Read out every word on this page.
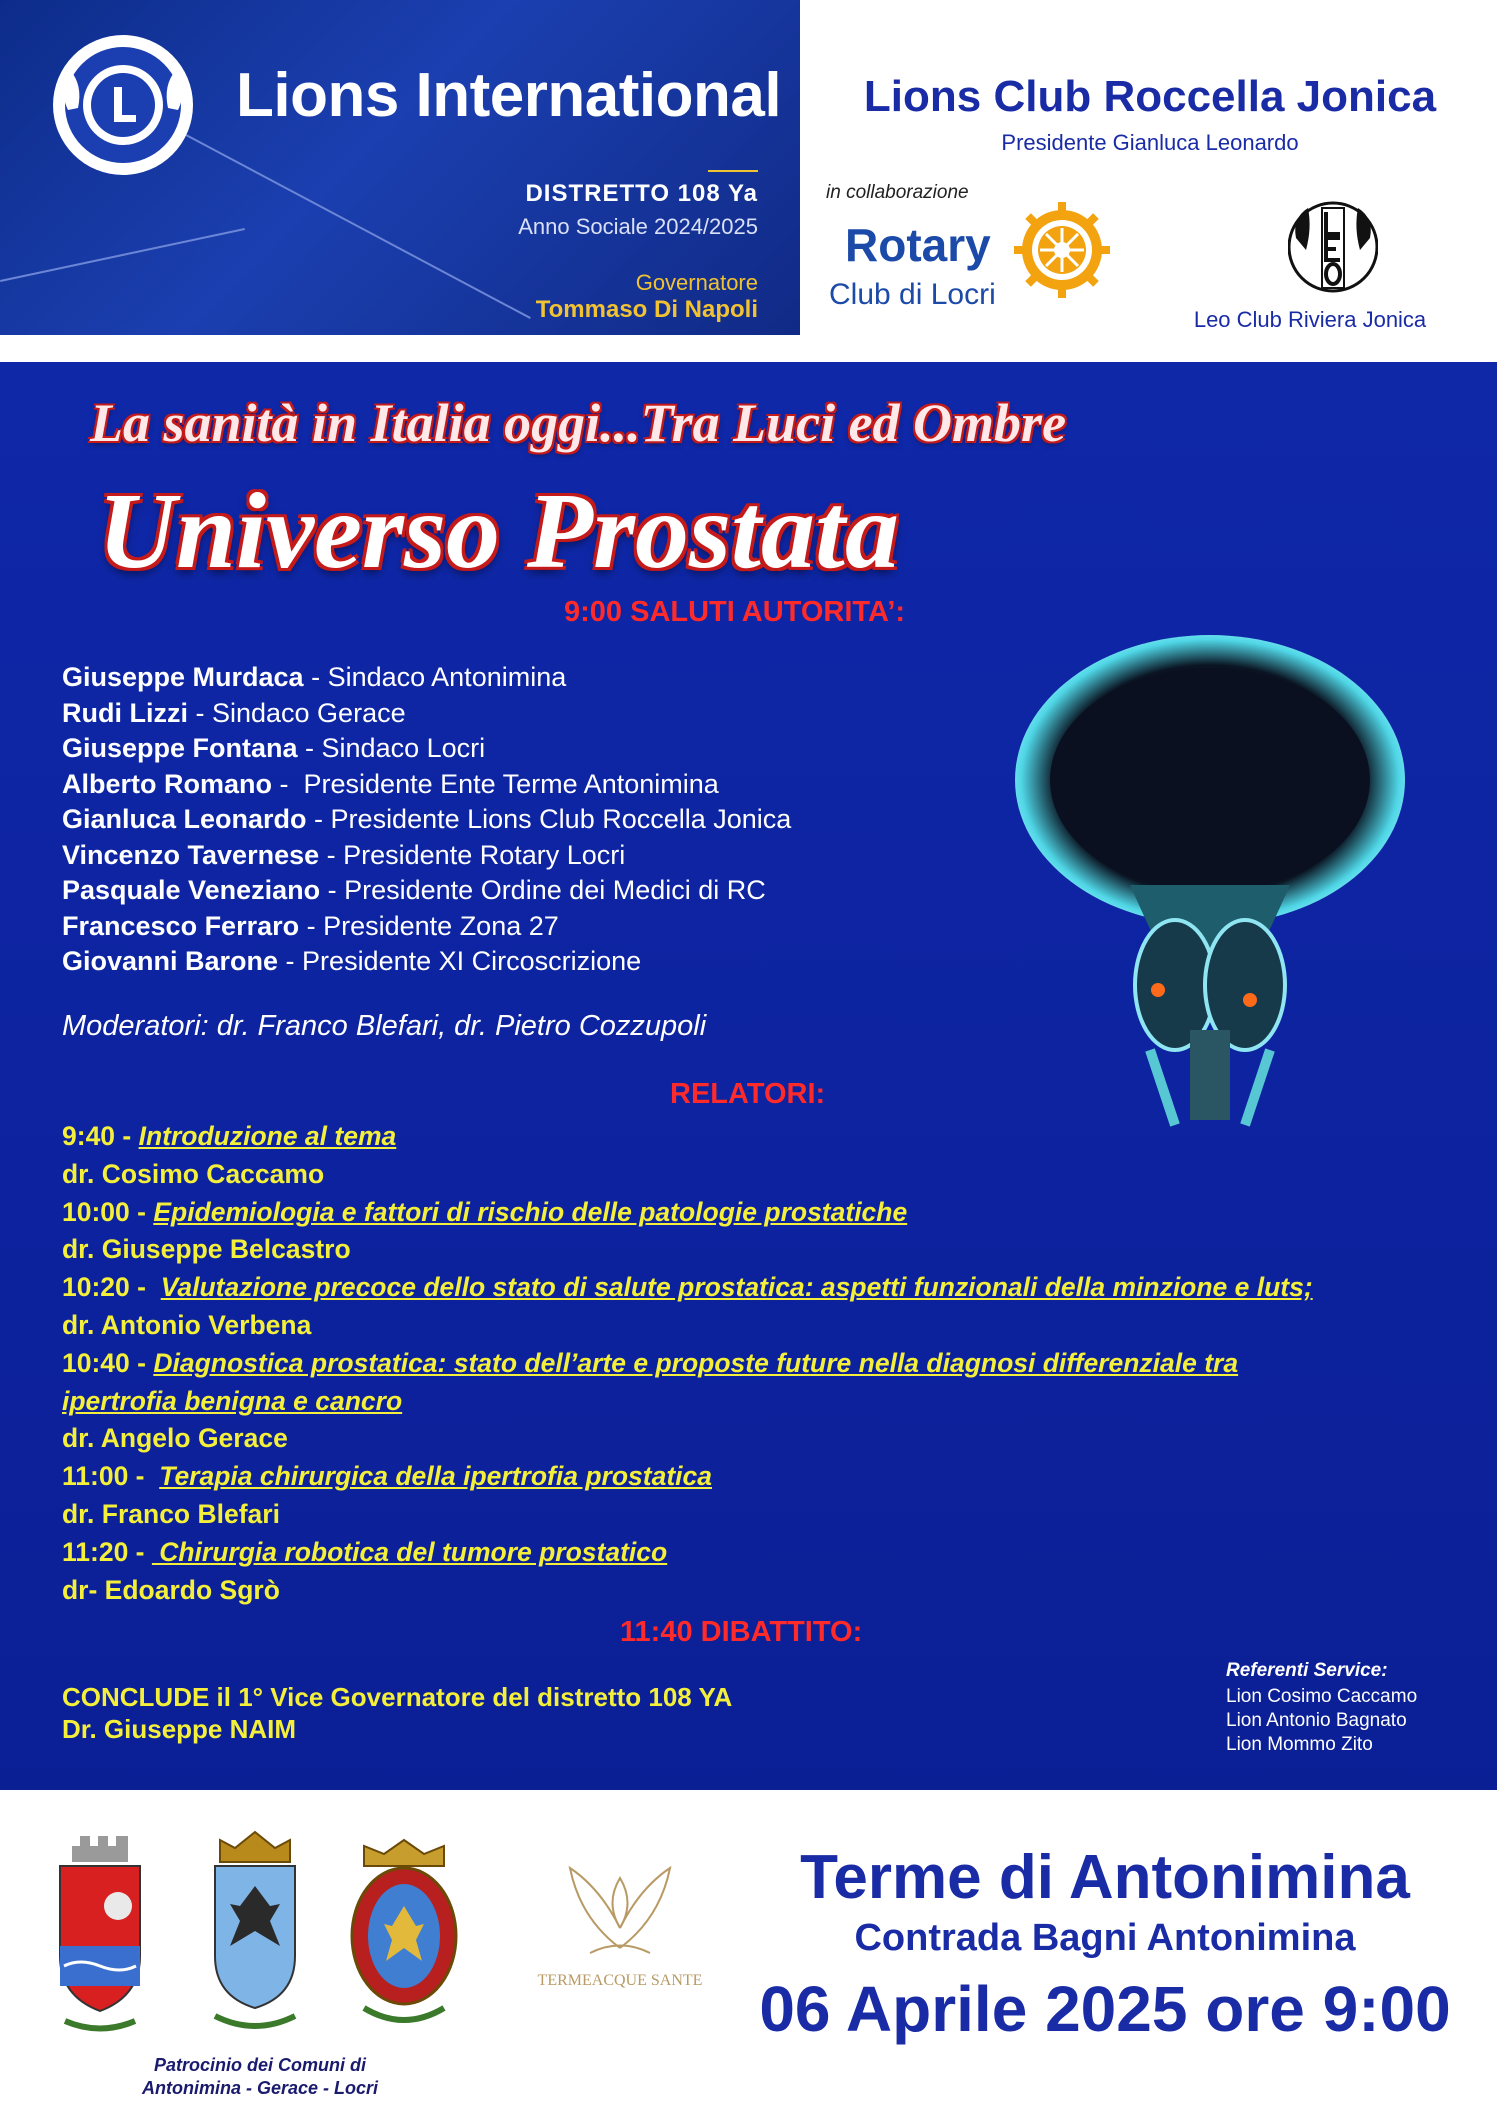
Lions International
DISTRETTO 108 Ya
Anno Sociale 2024/2025
Governatore
Tommaso Di Napoli
Lions Club Roccella Jonica
Presidente Gianluca Leonardo
in collaborazione
Rotary
Club di Locri
Leo Club Riviera Jonica
La sanità in Italia oggi...Tra Luci ed Ombre
Universo Prostata
9:00 SALUTI AUTORITA’:
Giuseppe Murdaca - Sindaco Antonimina
Rudi Lizzi - Sindaco Gerace
Giuseppe Fontana - Sindaco Locri
Alberto Romano -  Presidente Ente Terme Antonimina
Gianluca Leonardo - Presidente Lions Club Roccella Jonica
Vincenzo Tavernese - Presidente Rotary Locri
Pasquale Veneziano - Presidente Ordine dei Medici di RC
Francesco Ferraro - Presidente Zona 27
Giovanni Barone - Presidente XI Circoscrizione
Moderatori: dr. Franco Blefari, dr. Pietro Cozzupoli
RELATORI:
9:40 - Introduzione al tema
dr. Cosimo Caccamo
10:00 - Epidemiologia e fattori di rischio delle patologie prostatiche
dr. Giuseppe Belcastro
10:20 -  Valutazione precoce dello stato di salute prostatica: aspetti funzionali della minzione e luts;
dr. Antonio Verbena
10:40 - Diagnostica prostatica: stato dell’arte e proposte future nella diagnosi differenziale tra ipertrofia benigna e cancro
dr. Angelo Gerace
11:00 -  Terapia chirurgica della ipertrofia prostatica
dr. Franco Blefari
11:20 -  Chirurgia robotica del tumore prostatico
dr- Edoardo Sgrò
11:40 DIBATTITO:
CONCLUDE il 1° Vice Governatore del distretto 108 YA
Dr. Giuseppe NAIM
Referenti Service:
Lion Cosimo Caccamo
Lion Antonio Bagnato
Lion Mommo Zito
TERMEACQUE SANTE
Patrocinio dei Comuni di
Antonimina - Gerace - Locri
Terme di Antonimina
Contrada Bagni Antonimina
06 Aprile 2025 ore 9:00
